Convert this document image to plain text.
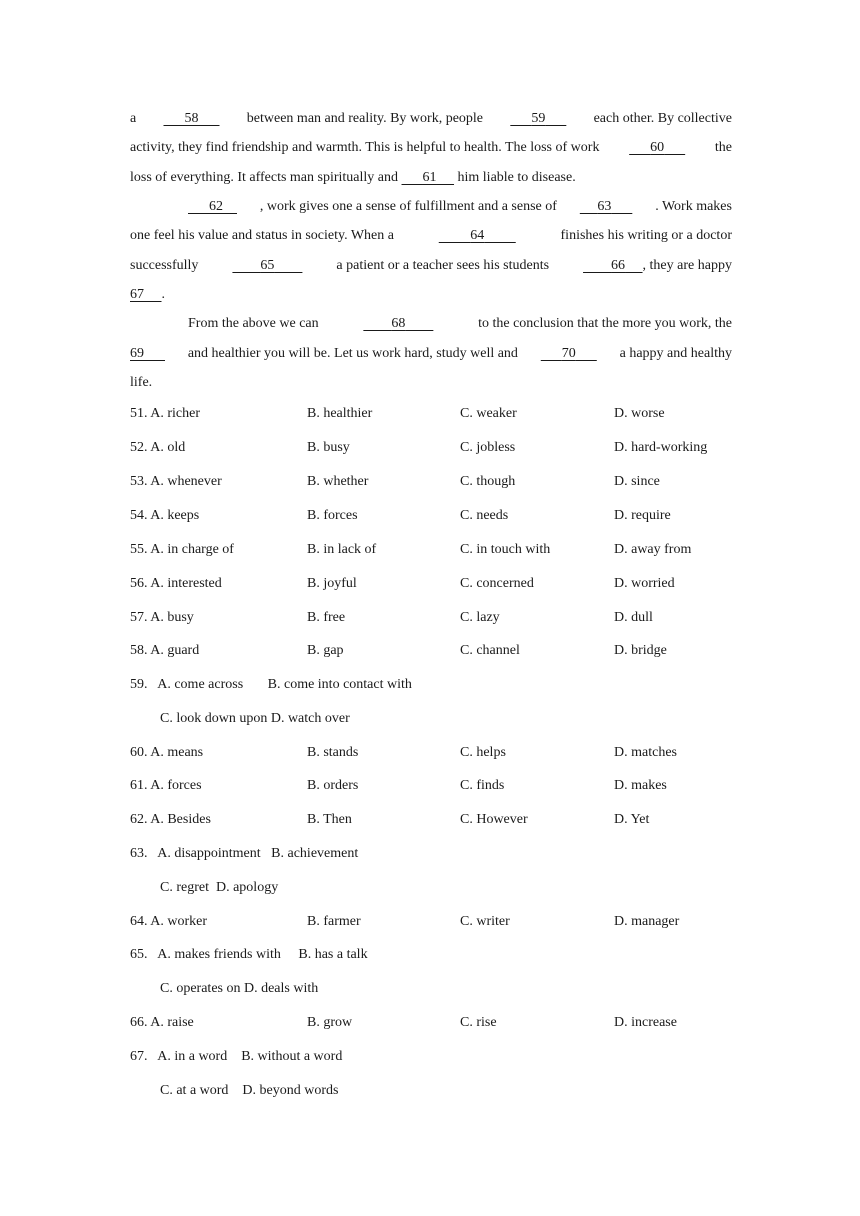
a	58	between man and reality. By work, people	59	each other. By collective
activity, they find friendship and warmth. This is helpful to health. The loss of work	60	the
loss of everything. It affects man spiritually and 61 him liable to disease.
62	, work gives one a sense of fulfillment and a sense of	63	. Work makes
one feel his value and status in society. When a	64	finishes his writing or a doctor
successfully	65	a patient or a teacher sees his students	66 , they are happy
67 .
From the above we can	68	to the conclusion that the more you work, the
69	and healthier you will be. Let us work hard, study well and	70	a happy and healthy
life.
51. A. richer	B. healthier	C. weaker	D. worse
52. A. old	B. busy	C. jobless	D. hard-working
53. A. whenever	B. whether	C. though	D. since
54. A. keeps	B. forces	C. needs	D. require
55. A. in charge of	B. in lack of	C. in touch with	D. away from
56. A. interested	B. joyful	C. concerned	D. worried
57. A. busy	B. free	C. lazy	D. dull
58. A. guard	B. gap	C. channel	D. bridge
59.   A. come across       B. come into contact with
C. look down upon D. watch over
60. A. means	B. stands	C. helps	D. matches
61. A. forces	B. orders	C. finds	D. makes
62. A. Besides	B. Then	C. However	D. Yet
63.   A. disappointment   B. achievement
C. regret  D. apology
64. A. worker	B. farmer	C. writer	D. manager
65.   A. makes friends with     B. has a talk
C. operates on D. deals with
66. A. raise	B. grow	C. rise	D. increase
67.   A. in a word    B. without a word
C. at a word    D. beyond words
